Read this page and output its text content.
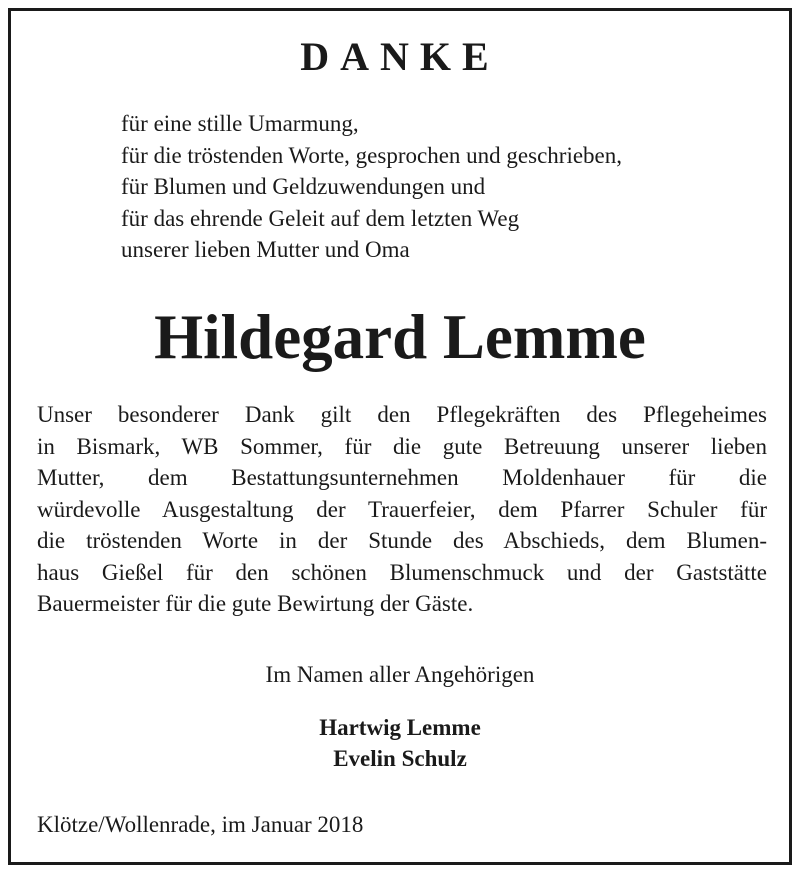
DANKE
für eine stille Umarmung,
für die tröstenden Worte, gesprochen und geschrieben,
für Blumen und Geldzuwendungen und
für das ehrende Geleit auf dem letzten Weg
unserer lieben Mutter und Oma
Hildegard Lemme
Unser besonderer Dank gilt den Pflegekräften des Pflegeheimes
in Bismark, WB Sommer, für die gute Betreuung unserer lieben
Mutter, dem Bestattungsunternehmen Moldenhauer für die
würdevolle Ausgestaltung der Trauerfeier, dem Pfarrer Schuler für
die tröstenden Worte in der Stunde des Abschieds, dem Blumen-
haus Gießel für den schönen Blumenschmuck und der Gaststätte
Bauermeister für die gute Bewirtung der Gäste.
Im Namen aller Angehörigen
Hartwig Lemme
Evelin Schulz
Klötze/Wollenrade, im Januar 2018
